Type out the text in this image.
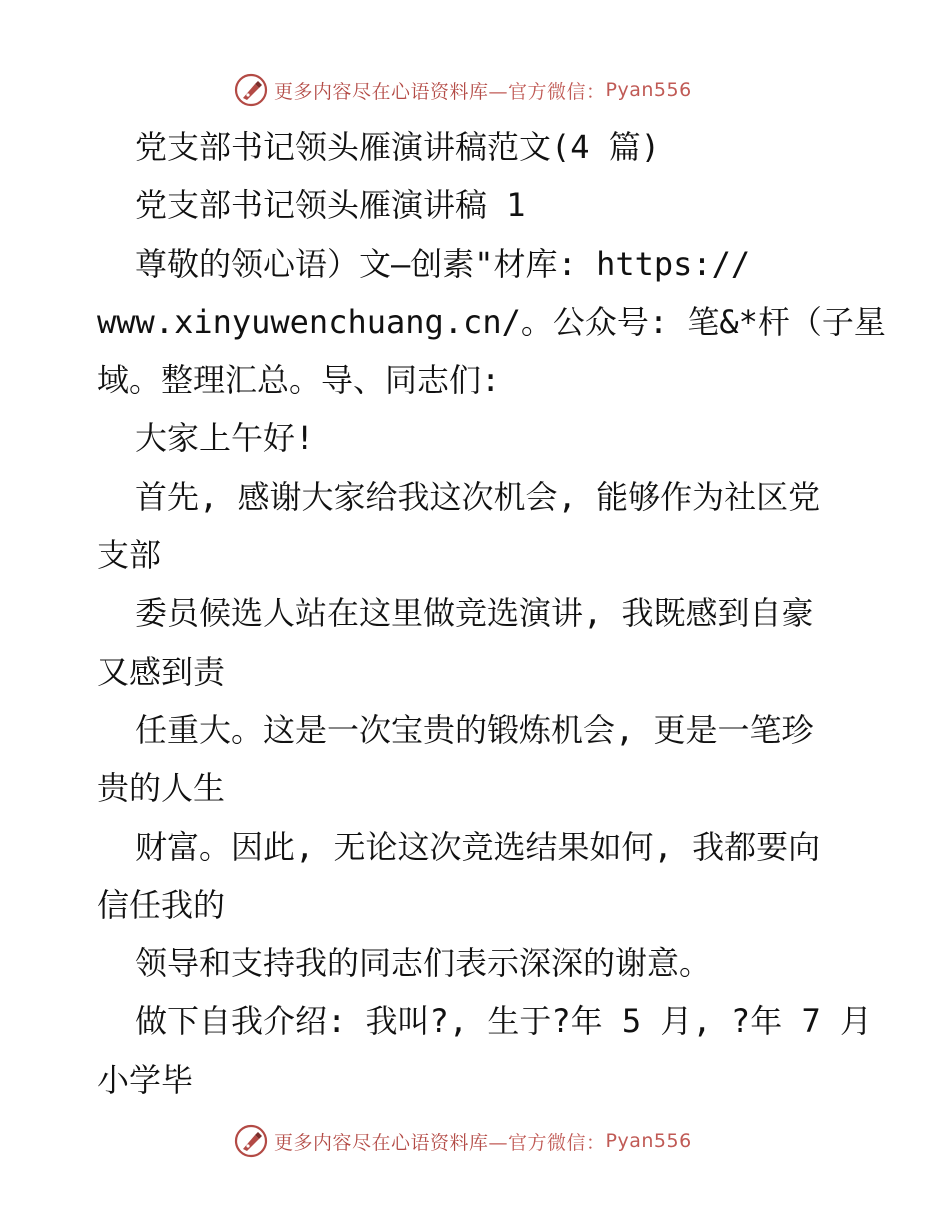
更多内容尽在心语资料库 —官方微信： Pyan556
党支部书记领头雁演讲稿范文(4 篇)
党支部书记领头雁演讲稿 1
尊敬的领心语）文—创素"材库: https://
www.xinyuwenchuang.cn/。公众号: 笔&*杆（子星
域。整理汇总。导、同志们:
大家上午好!
首先, 感谢大家给我这次机会, 能够作为社区党
支部
委员候选人站在这里做竞选演讲, 我既感到自豪
又感到责
任重大。这是一次宝贵的锻炼机会, 更是一笔珍
贵的人生
财富。因此, 无论这次竞选结果如何, 我都要向
信任我的
领导和支持我的同志们表示深深的谢意。
做下自我介绍: 我叫?, 生于?年 5 月, ?年 7 月
小学毕
更多内容尽在心语资料库 —官方微信： Pyan556
